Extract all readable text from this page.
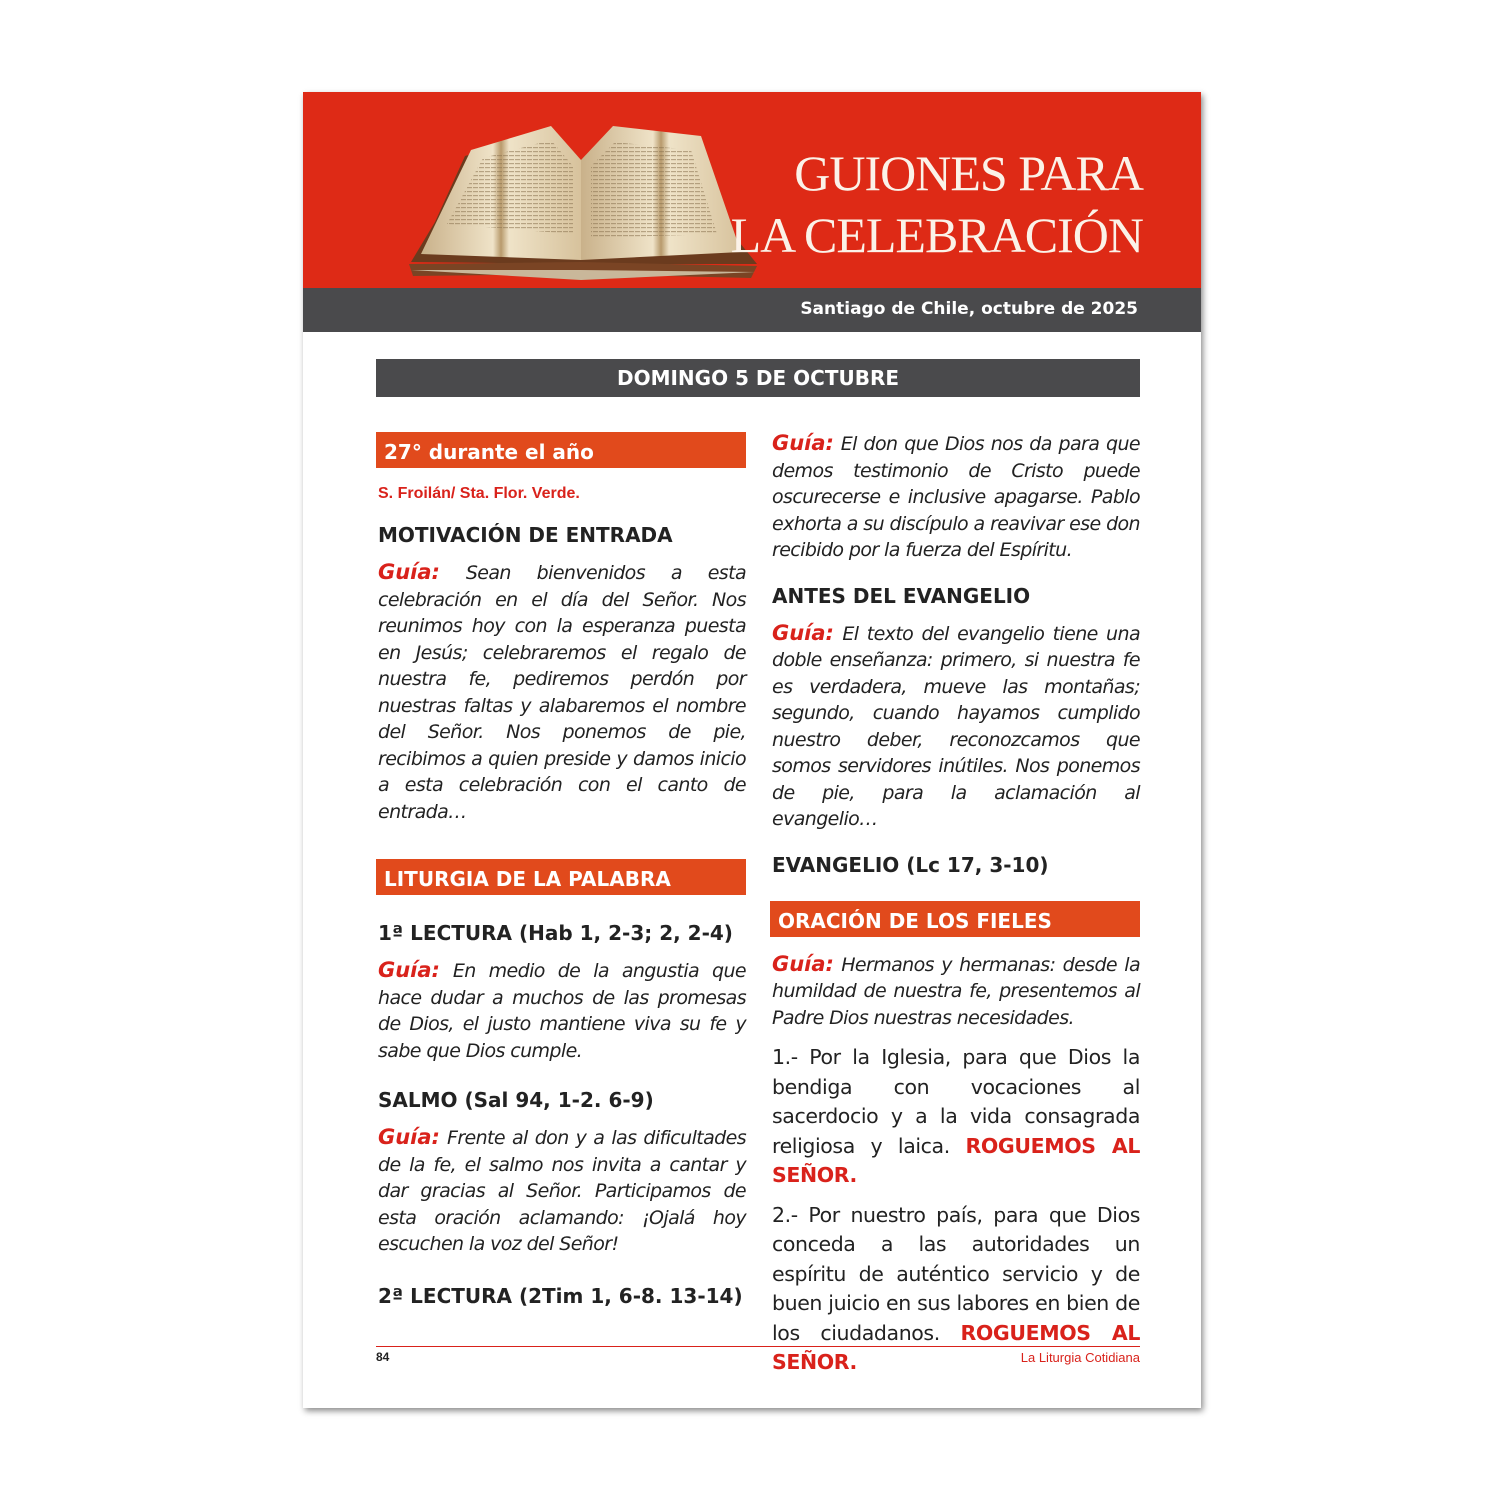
GUIONES PARA
LA CELEBRACIÓN
Santiago de Chile, octubre de 2025
DOMINGO 5 DE OCTUBRE
27° durante el año
S. Froilán/ Sta. Flor. Verde.
MOTIVACIÓN DE ENTRADA
Guía: Sean bienvenidos a esta celebración en el día del Señor. Nos reunimos hoy con la esperanza puesta en Jesús; celebraremos el regalo de nuestra fe, pediremos perdón por nuestras faltas y alabaremos el nombre del Señor. Nos ponemos de pie, recibimos a quien preside y damos inicio a esta celebración con el canto de entrada…
LITURGIA DE LA PALABRA
1ª LECTURA (Hab 1, 2-3; 2, 2-4)
Guía: En medio de la angustia que hace dudar a muchos de las promesas de Dios, el justo mantiene viva su fe y sabe que Dios cumple.
SALMO (Sal 94, 1-2. 6-9)
Guía: Frente al don y a las dificultades de la fe, el salmo nos invita a cantar y dar gracias al Señor. Participamos de esta oración aclamando: ¡Ojalá hoy escuchen la voz del Señor!
2ª LECTURA (2Tim 1, 6-8. 13-14)
Guía: El don que Dios nos da para que demos testimonio de Cristo puede oscurecerse e inclusive apagarse. Pablo exhorta a su discípulo a reavivar ese don recibido por la fuerza del Espíritu.
ANTES DEL EVANGELIO
Guía: El texto del evangelio tiene una doble enseñanza: primero, si nuestra fe es verdadera, mueve las montañas; segundo, cuando hayamos cumplido nuestro deber, reconozcamos que somos servidores inútiles. Nos ponemos de pie, para la aclamación al evangelio…
EVANGELIO (Lc 17, 3-10)
ORACIÓN DE LOS FIELES
Guía: Hermanos y hermanas: desde la humildad de nuestra fe, presentemos al Padre Dios nuestras necesidades.
1.- Por la Iglesia, para que Dios la bendiga con vocaciones al sacerdocio y a la vida consagrada religiosa y laica. ROGUEMOS AL SEÑOR.
2.- Por nuestro país, para que Dios conceda a las autoridades un espíritu de auténtico servicio y de buen juicio en sus labores en bien de los ciudadanos. ROGUEMOS AL SEÑOR.
84	La Liturgia Cotidiana
